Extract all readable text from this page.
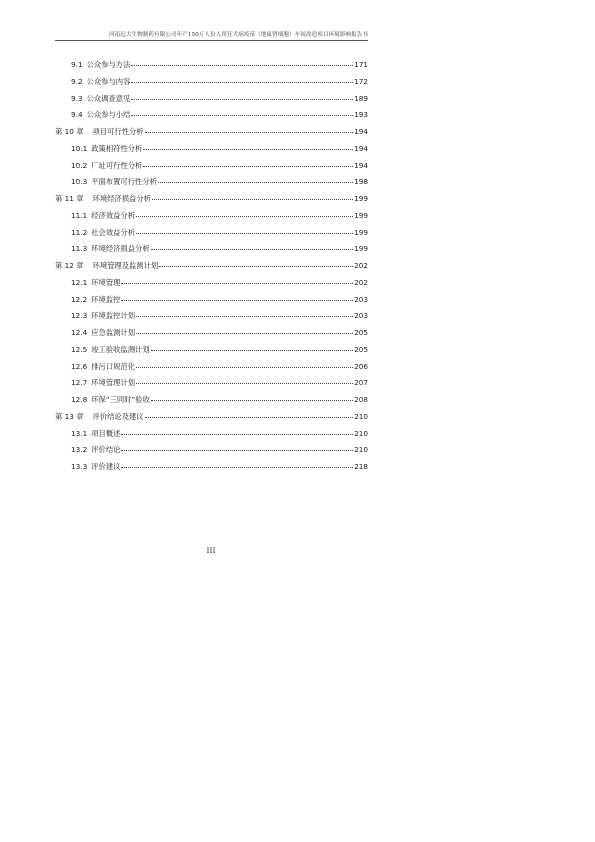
河南远大生物制药有限公司年产150万人份人用狂犬病疫苗（地鼠肾细胞）车间改造项目环境影响报告书
9.1 公众参与方法	171
9.2 公众参与内容	172
9.3 公众调查意见	189
9.4 公众参与小结	193
第 10 章 项目可行性分析	194
10.1 政策相符性分析	194
10.2 厂址可行性分析	194
10.3 平面布置可行性分析	198
第 11 章 环境经济损益分析	199
11.1 经济效益分析	199
11.2 社会效益分析	199
11.3 环境经济损益分析	199
第 12 章 环境管理及监测计划	202
12.1 环境管理	202
12.2 环境监控	203
12.3 环境监控计划	203
12.4 应急监测计划	205
12.5 竣工验收监测计划	205
12.6 排污口规范化	206
12.7 环境管理计划	207
12.8 环保“三同时”验收	208
第 13 章 评价结论及建议	210
13.1 项目概述	210
13.2 评价结论	210
13.3 评价建议	218
III
